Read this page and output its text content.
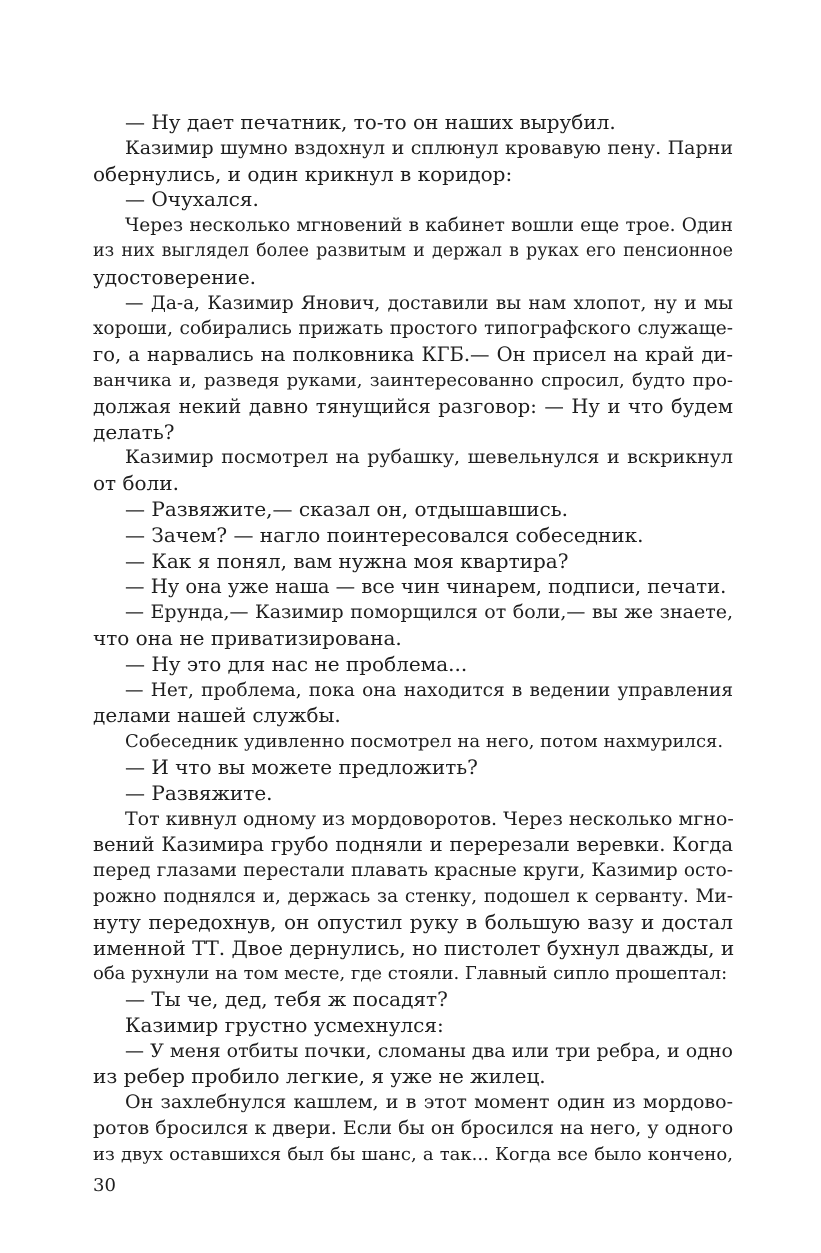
— Ну дает печатник, то-то он наших вырубил.
Казимир шумно вздохнул и сплюнул кровавую пену. Парни
обернулись, и один крикнул в коридор:
— Очухался.
Через несколько мгновений в кабинет вошли еще трое. Один
из них выглядел более развитым и держал в руках его пенсионное
удостоверение.
— Да-а, Казимир Янович, доставили вы нам хлопот, ну и мы
хороши, собирались прижать простого типографского служаще-
го, а нарвались на полковника КГБ.— Он присел на край ди-
ванчика и, разведя руками, заинтересованно спросил, будто про-
должая некий давно тянущийся разговор: — Ну и что будем
делать?
Казимир посмотрел на рубашку, шевельнулся и вскрикнул
от боли.
— Развяжите,— сказал он, отдышавшись.
— Зачем? — нагло поинтересовался собеседник.
— Как я понял, вам нужна моя квартира?
— Ну она уже наша — все чин чинарем, подписи, печати.
— Ерунда,— Казимир поморщился от боли,— вы же знаете,
что она не приватизирована.
— Ну это для нас не проблема...
— Нет, проблема, пока она находится в ведении управления
делами нашей службы.
Собеседник удивленно посмотрел на него, потом нахмурился.
— И что вы можете предложить?
— Развяжите.
Тот кивнул одному из мордоворотов. Через несколько мгно-
вений Казимира грубо подняли и перерезали веревки. Когда
перед глазами перестали плавать красные круги, Казимир осто-
рожно поднялся и, держась за стенку, подошел к серванту. Ми-
нуту передохнув, он опустил руку в большую вазу и достал
именной ТТ. Двое дернулись, но пистолет бухнул дважды, и
оба рухнули на том месте, где стояли. Главный сипло прошептал:
— Ты че, дед, тебя ж посадят?
Казимир грустно усмехнулся:
— У меня отбиты почки, сломаны два или три ребра, и одно
из ребер пробило легкие, я уже не жилец.
Он захлебнулся кашлем, и в этот момент один из мордово-
ротов бросился к двери. Если бы он бросился на него, у одного
из двух оставшихся был бы шанс, а так... Когда все было кончено,
30
